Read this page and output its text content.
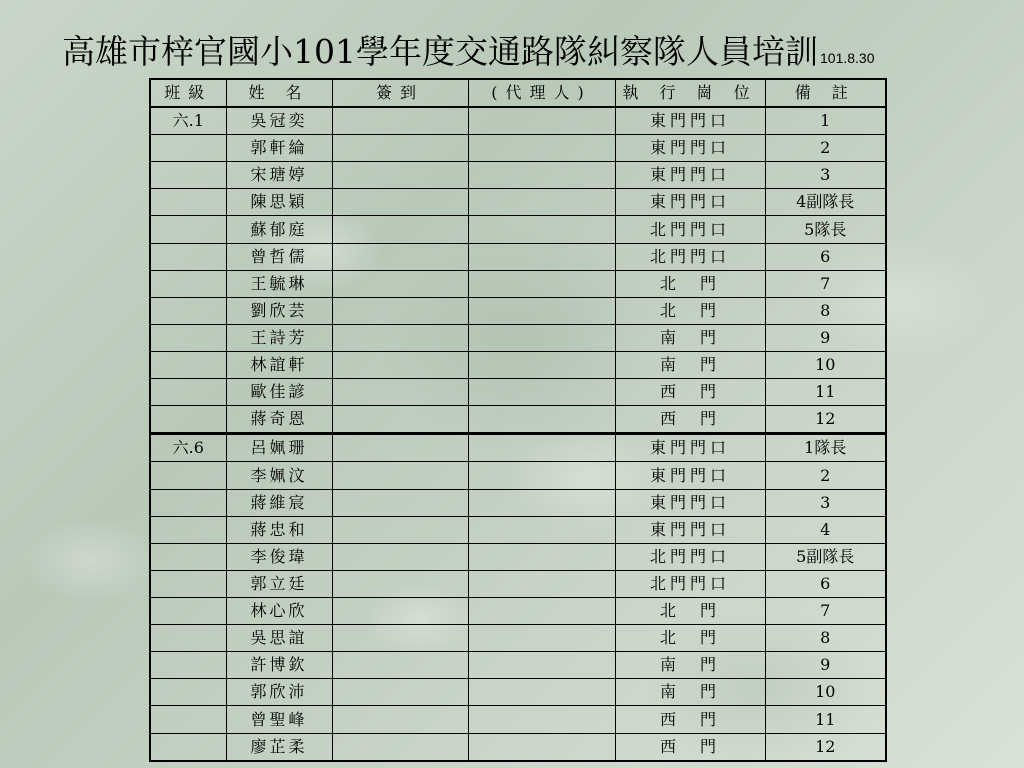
高雄市梓官國小101學年度交通路隊糾察隊人員培訓 101.8.30
班級	姓 名	簽到	(代理人)	執 行 崗 位	備 註
六.1	吳冠奕			東門門口	1
	郭軒綸			東門門口	2
	宋瑭婷			東門門口	3
	陳思穎			東門門口	4副隊長
	蘇郁庭			北門門口	5隊長
	曾哲儒			北門門口	6
	王毓琳			北　門	7
	劉欣芸			北　門	8
	王詩芳			南　門	9
	林誼軒			南　門	10
	歐佳諺			西　門	11
	蔣奇恩			西　門	12
六.6	呂姵珊			東門門口	1隊長
	李姵汶			東門門口	2
	蔣維宸			東門門口	3
	蔣忠和			東門門口	4
	李俊瑋			北門門口	5副隊長
	郭立廷			北門門口	6
	林心欣			北　門	7
	吳思誼			北　門	8
	許博欽			南　門	9
	郭欣沛			南　門	10
	曾聖峰			西　門	11
	廖芷柔			西　門	12
